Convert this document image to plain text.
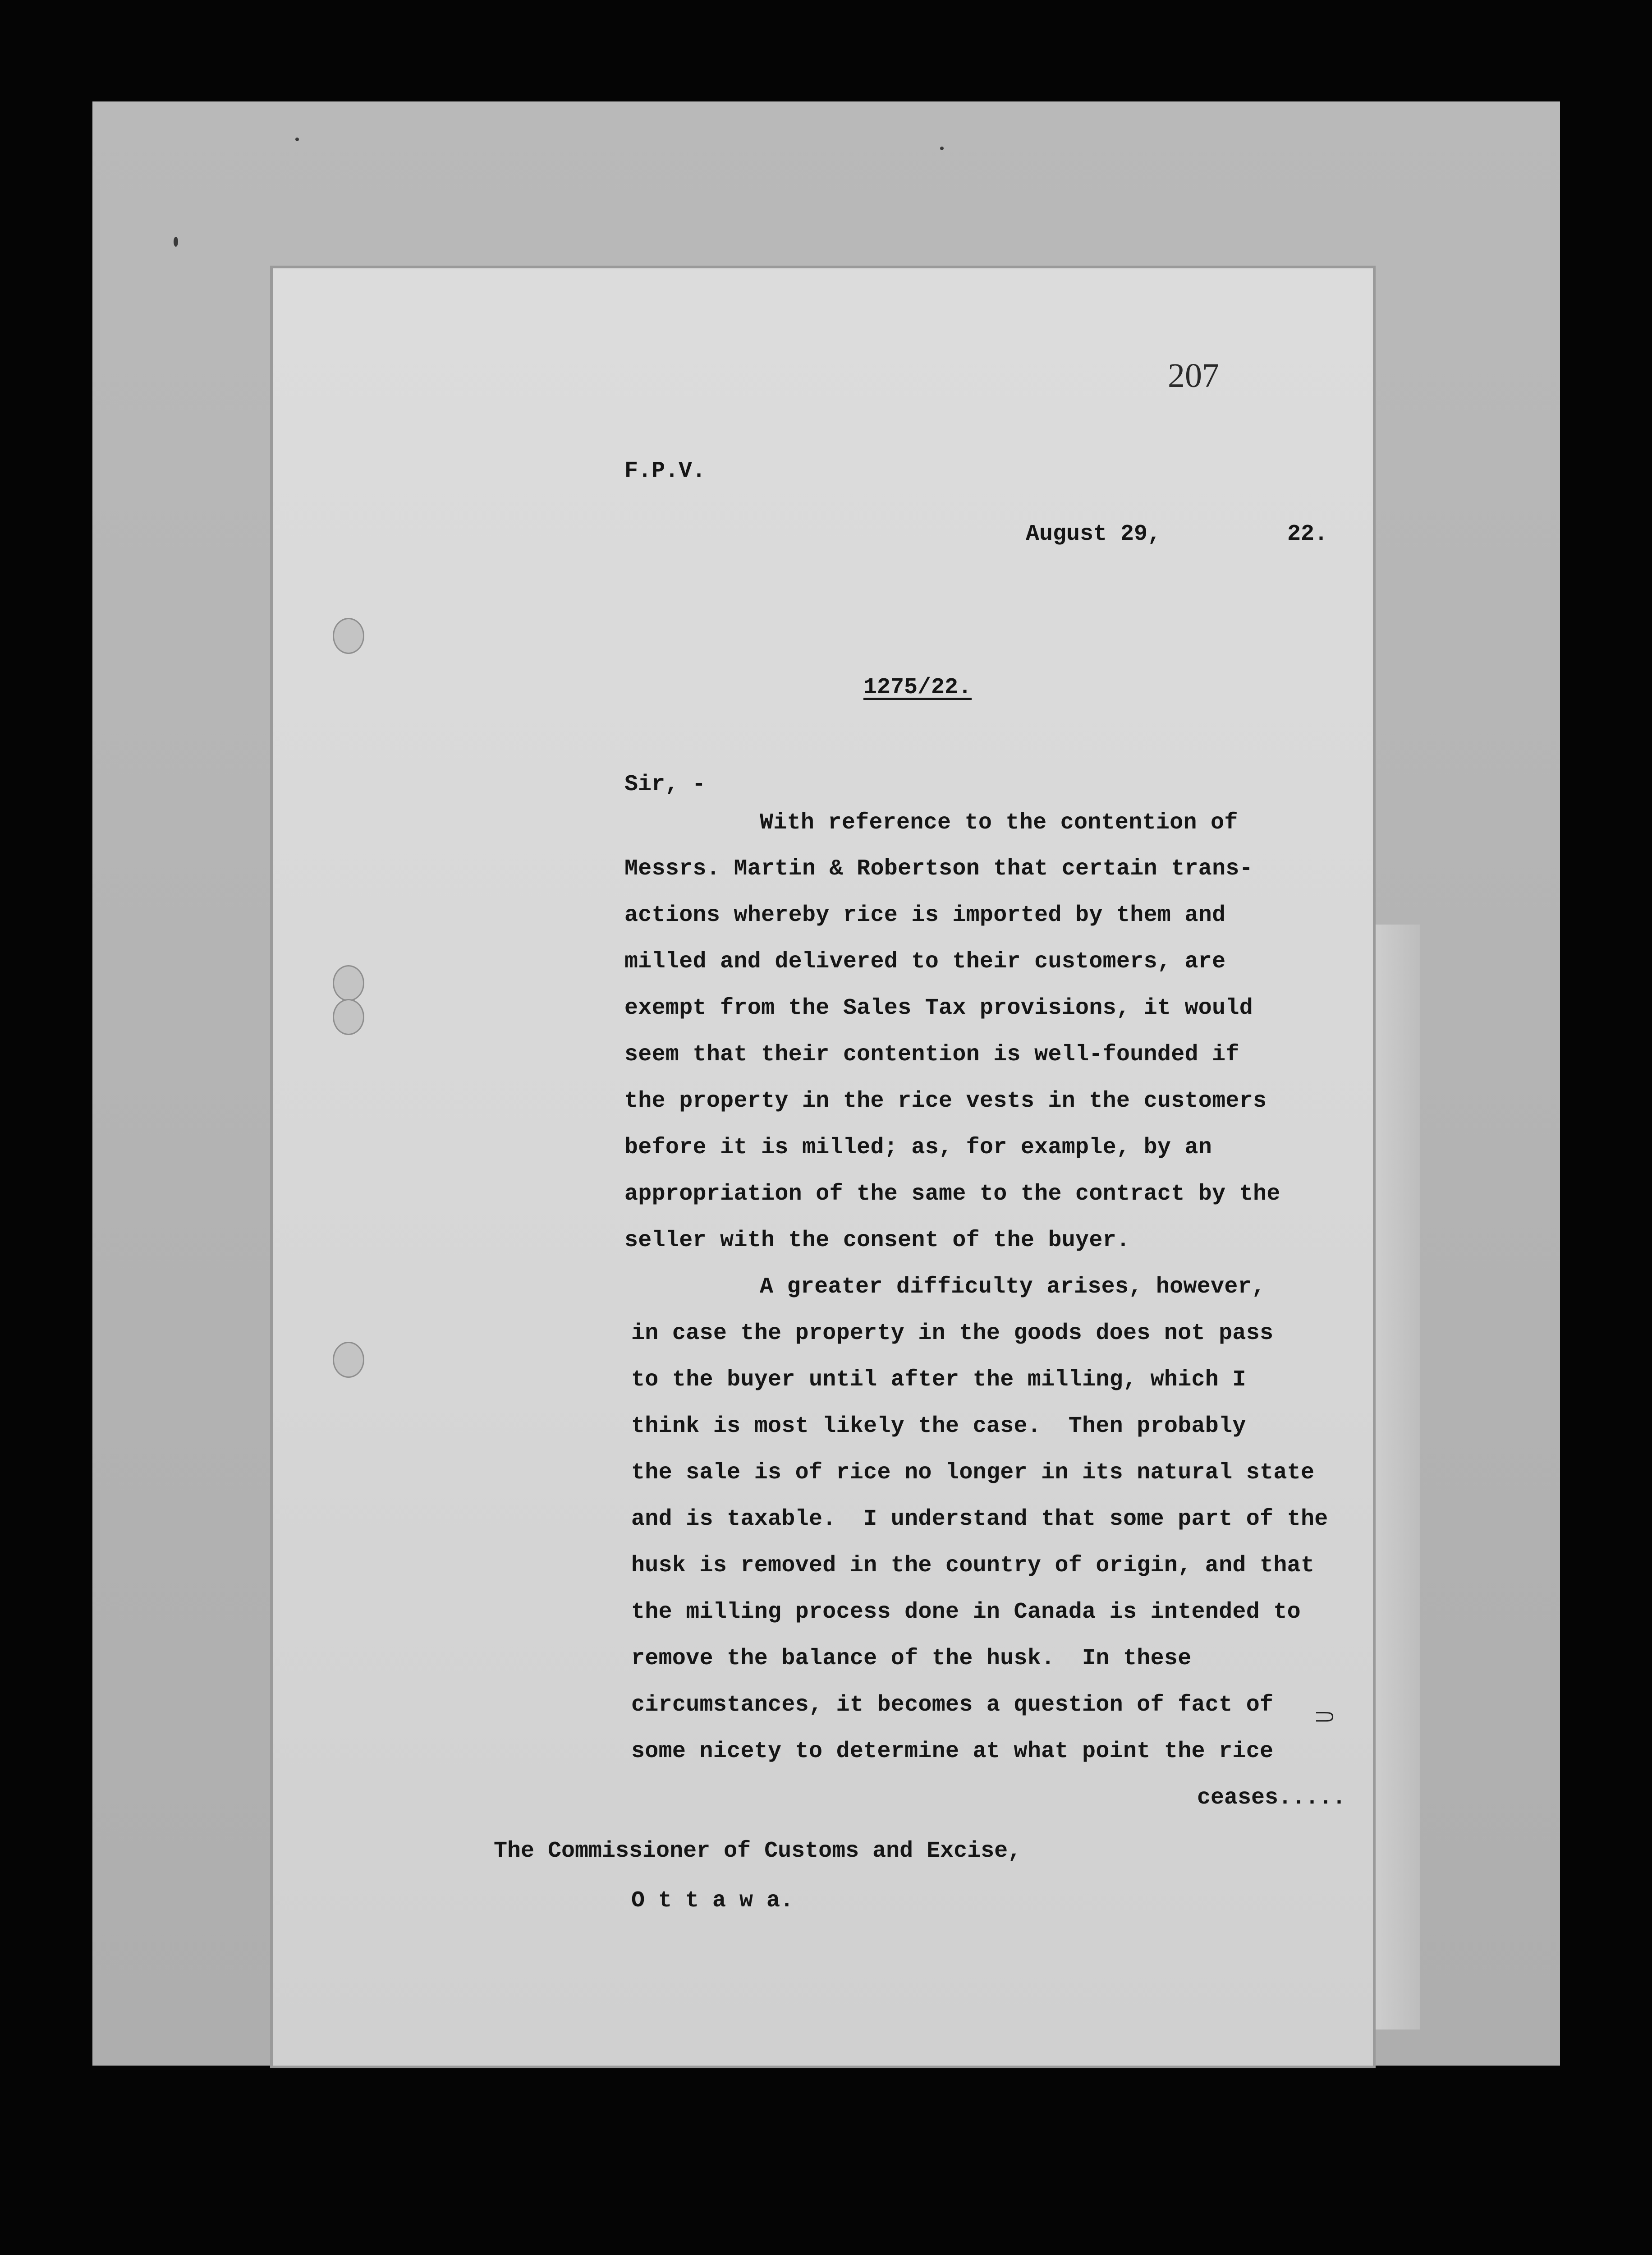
207
F.P.V.
August 29,	22.
1275/22.
Sir, -
With reference to the contention of
Messrs. Martin & Robertson that certain trans-
actions whereby rice is imported by them and
milled and delivered to their customers, are
exempt from the Sales Tax provisions, it would
seem that their contention is well-founded if
the property in the rice vests in the customers
before it is milled; as, for example, by an
appropriation of the same to the contract by the
seller with the consent of the buyer.
A greater difficulty arises, however,
in case the property in the goods does not pass
to the buyer until after the milling, which I
think is most likely the case.  Then probably
the sale is of rice no longer in its natural state
and is taxable.  I understand that some part of the
husk is removed in the country of origin, and that
the milling process done in Canada is intended to
remove the balance of the husk.  In these
circumstances, it becomes a question of fact of
some nicety to determine at what point the rice
⸧
ceases.....
The Commissioner of Customs and Excise,
O t t a w a.
